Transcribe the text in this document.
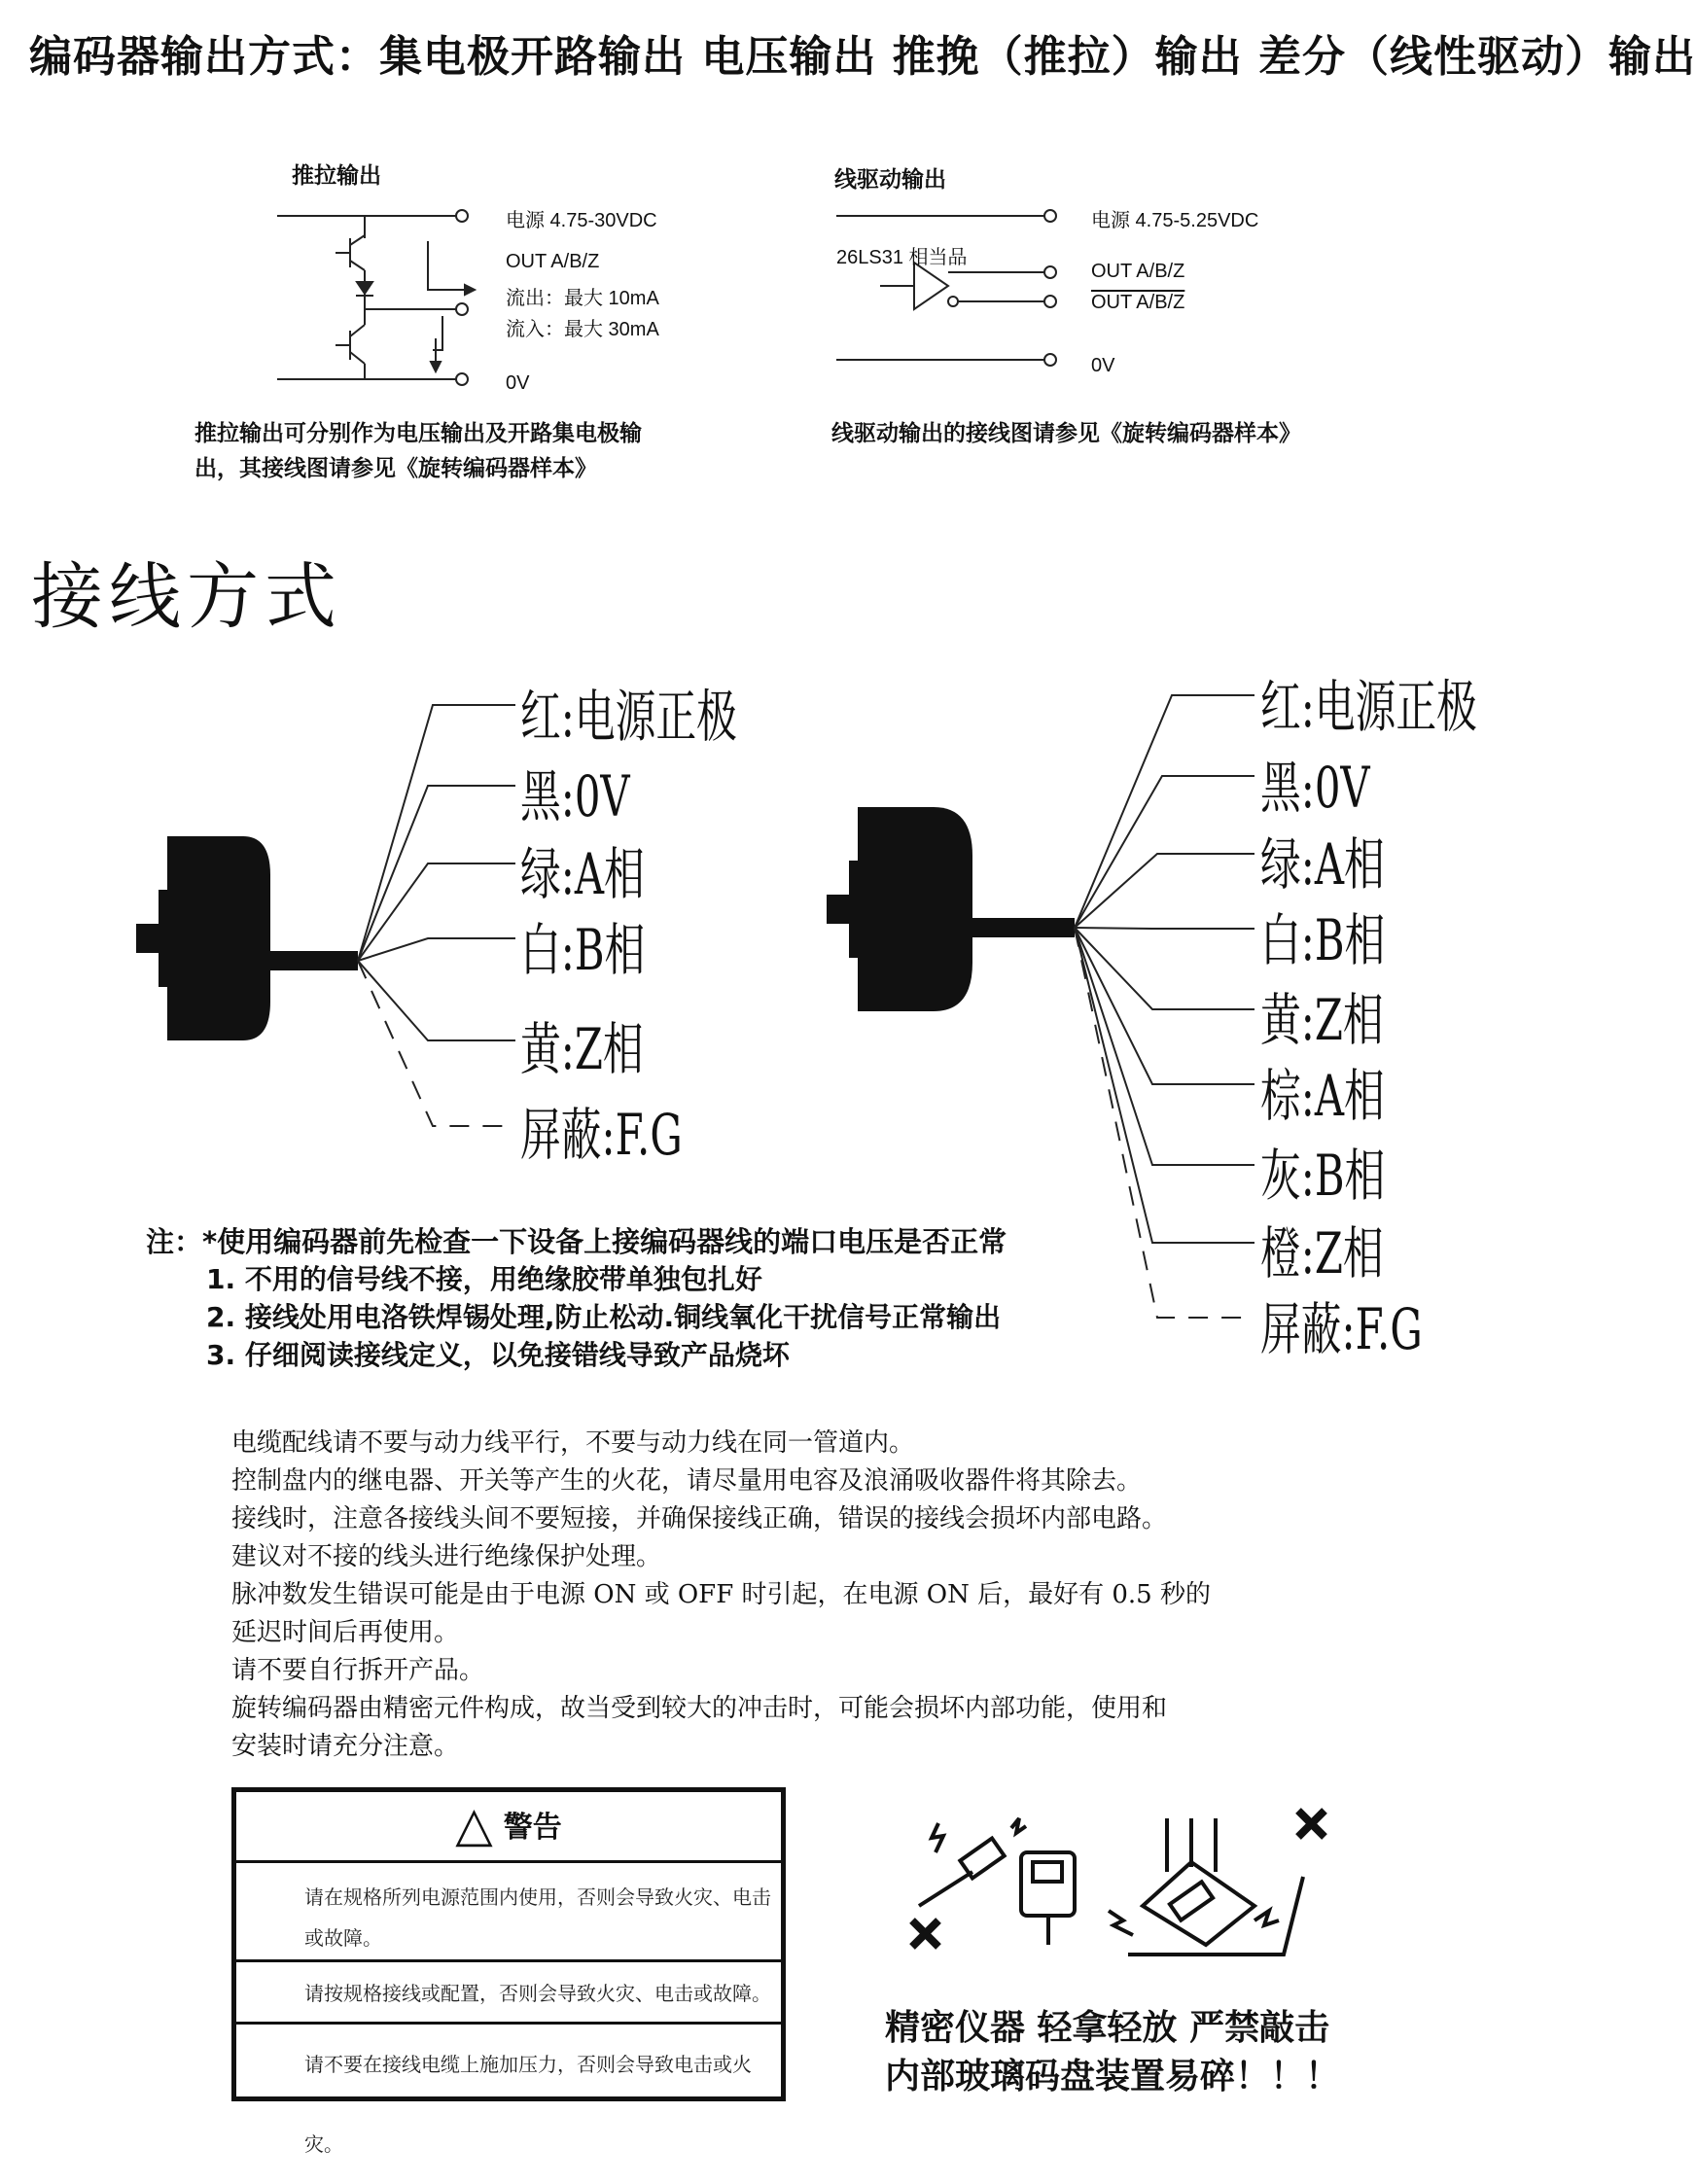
编码器输出方式：集电极开路输出 电压输出 推挽（推拉）输出 差分（线性驱动）输出
推拉输出
电源 4.75-30VDC
OUT A/B/Z
流出：最大 10mA
流入：最大 30mA
0V
推拉输出可分别作为电压输出及开路集电极输
出，其接线图请参见《旋转编码器样本》
线驱动输出
电源 4.75-5.25VDC
26LS31 相当品
OUT A/B/Z
OUT A/B/Z
0V
线驱动输出的接线图请参见《旋转编码器样本》
接线方式
红:电源正极
黑:0V
绿:A相
白:B相
黄:Z相
屏蔽:F.G
红:电源正极
黑:0V
绿:A相
白:B相
黄:Z相
棕:A相
灰:B相
橙:Z相
屏蔽:F.G
注：*使用编码器前先检查一下设备上接编码器线的端口电压是否正常
1. 不用的信号线不接，用绝缘胶带单独包扎好
2. 接线处用电洛铁焊锡处理,防止松动.铜线氧化干扰信号正常输出
3. 仔细阅读接线定义，以免接错线导致产品烧坏
电缆配线请不要与动力线平行，不要与动力线在同一管道内。
控制盘内的继电器、开关等产生的火花，请尽量用电容及浪涌吸收器件将其除去。
接线时，注意各接线头间不要短接，并确保接线正确，错误的接线会损坏内部电路。
建议对不接的线头进行绝缘保护处理。
脉冲数发生错误可能是由于电源 ON 或 OFF 时引起，在电源 ON 后，最好有 0.5 秒的
延迟时间后再使用。
请不要自行拆开产品。
旋转编码器由精密元件构成，故当受到较大的冲击时，可能会损坏内部功能，使用和
安装时请充分注意。
△ 警告
请在规格所列电源范围内使用，否则会导致火灾、电击
或故障。
请按规格接线或配置，否则会导致火灾、电击或故障。
请不要在接线电缆上施加压力，否则会导致电击或火灾。
精密仪器 轻拿轻放 严禁敲击
内部玻璃码盘装置易碎！！！
